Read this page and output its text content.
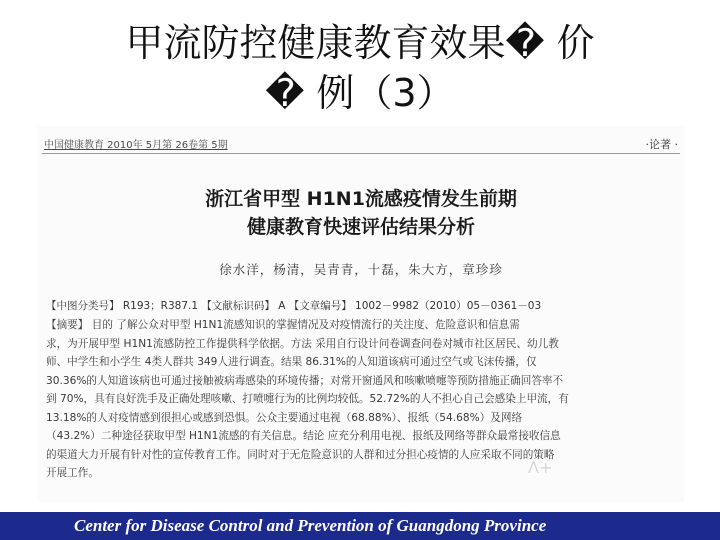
甲流防控健康教育效果� 价
� 例（3）
中国健康教育 2010年 5月第 26卷第 5期	·论著 ·
浙江省甲型 H1N1流感疫情发生前期
健康教育快速评估结果分析
徐水洋，杨清，吴青青，十磊，朱大方，章珍珍
【中图分类号】 R193；R387.1 【文献标识码】 A 【文章编号】 1002－9982（2010）05－0361－03
【摘要】 目的 了解公众对甲型 H1N1流感知识的掌握情况及对疫情流行的关注度、危险意识和信息需
求，为开展甲型 H1N1流感防控工作提供科学依据。方法 采用自行设计问卷调查问卷对城市社区居民、幼儿教
师、中学生和小学生 4类人群共 349人进行调查。结果 86.31%的人知道该病可通过空气或飞沫传播，仅
30.36%的人知道该病也可通过接触被病毒感染的环境传播；对常开窗通风和咳嗽喷嚏等预防措施正确回答率不
到 70%，具有良好洗手及正确处理咳嗽、打喷嚏行为的比例均较低。52.72%的人不担心自己会感染上甲流，有
13.18%的人对疫情感到很担心或感到恐惧。公众主要通过电视（68.88%）、报纸（54.68%）及网络
（43.2%）二种途径获取甲型 H1N1流感的有关信息。结论 应充分利用电视、报纸及网络等群众最常接收信息
的渠道大力开展有针对性的宣传教育工作。同时对于无危险意识的人群和过分担心疫情的人应采取不同的策略
开展工作。	Λ+
Center for Disease Control and Prevention of Guangdong Province
